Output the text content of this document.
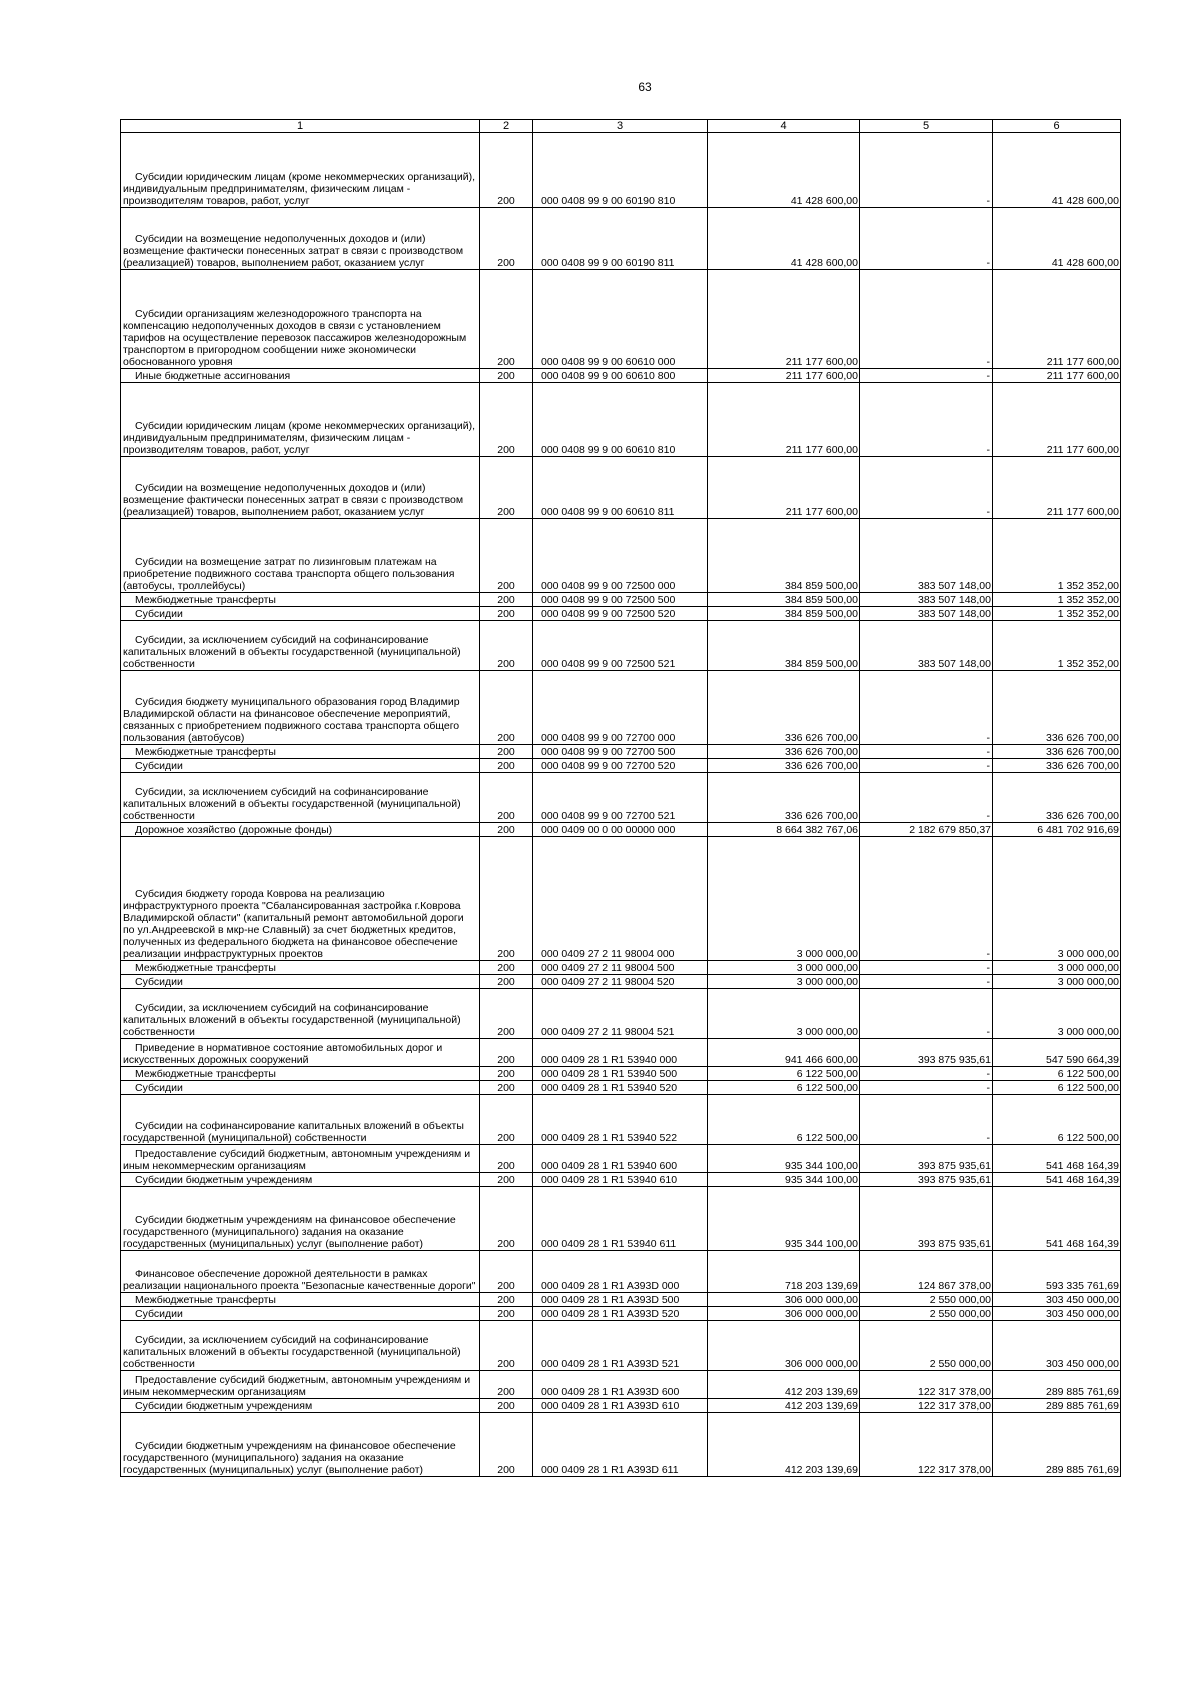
63
1	2	3	4	5	6
Субсидии юридическим лицам (кроме некоммерческих организаций), индивидуальным предпринимателям, физическим лицам - производителям товаров, работ, услуг	200	000 0408 99 9 00 60190 810	41 428 600,00	-	41 428 600,00
Субсидии на возмещение недополученных доходов и (или) возмещение фактически понесенных затрат в связи с производством (реализацией) товаров, выполнением работ, оказанием услуг	200	000 0408 99 9 00 60190 811	41 428 600,00	-	41 428 600,00
Субсидии организациям железнодорожного транспорта на компенсацию недополученных доходов в связи с установлением тарифов на осуществление перевозок пассажиров железнодорожным транспортом в пригородном сообщении ниже экономически обоснованного уровня	200	000 0408 99 9 00 60610 000	211 177 600,00	-	211 177 600,00
Иные бюджетные ассигнования	200	000 0408 99 9 00 60610 800	211 177 600,00	-	211 177 600,00
Субсидии юридическим лицам (кроме некоммерческих организаций), индивидуальным предпринимателям, физическим лицам - производителям товаров, работ, услуг	200	000 0408 99 9 00 60610 810	211 177 600,00	-	211 177 600,00
Субсидии на возмещение недополученных доходов и (или) возмещение фактически понесенных затрат в связи с производством (реализацией) товаров, выполнением работ, оказанием услуг	200	000 0408 99 9 00 60610 811	211 177 600,00	-	211 177 600,00
Субсидии на возмещение затрат по лизинговым платежам на приобретение подвижного состава транспорта общего пользования (автобусы, троллейбусы)	200	000 0408 99 9 00 72500 000	384 859 500,00	383 507 148,00	1 352 352,00
Межбюджетные трансферты	200	000 0408 99 9 00 72500 500	384 859 500,00	383 507 148,00	1 352 352,00
Субсидии	200	000 0408 99 9 00 72500 520	384 859 500,00	383 507 148,00	1 352 352,00
Субсидии, за исключением субсидий на софинансирование капитальных вложений в объекты государственной (муниципальной) собственности	200	000 0408 99 9 00 72500 521	384 859 500,00	383 507 148,00	1 352 352,00
Субсидия бюджету муниципального образования город Владимир Владимирской области на финансовое обеспечение мероприятий, связанных с приобретением подвижного состава транспорта общего пользования (автобусов)	200	000 0408 99 9 00 72700 000	336 626 700,00	-	336 626 700,00
Межбюджетные трансферты	200	000 0408 99 9 00 72700 500	336 626 700,00	-	336 626 700,00
Субсидии	200	000 0408 99 9 00 72700 520	336 626 700,00	-	336 626 700,00
Субсидии, за исключением субсидий на софинансирование капитальных вложений в объекты государственной (муниципальной) собственности	200	000 0408 99 9 00 72700 521	336 626 700,00	-	336 626 700,00
Дорожное хозяйство (дорожные фонды)	200	000 0409 00 0 00 00000 000	8 664 382 767,06	2 182 679 850,37	6 481 702 916,69
Субсидия бюджету города Коврова на реализацию инфраструктурного проекта "Сбалансированная застройка г.Коврова Владимирской области" (капитальный ремонт автомобильной дороги по ул.Андреевской в мкр-не Славный) за счет бюджетных кредитов, полученных из федерального бюджета на финансовое обеспечение реализации инфраструктурных проектов	200	000 0409 27 2 11 98004 000	3 000 000,00	-	3 000 000,00
Межбюджетные трансферты	200	000 0409 27 2 11 98004 500	3 000 000,00	-	3 000 000,00
Субсидии	200	000 0409 27 2 11 98004 520	3 000 000,00	-	3 000 000,00
Субсидии, за исключением субсидий на софинансирование капитальных вложений в объекты государственной (муниципальной) собственности	200	000 0409 27 2 11 98004 521	3 000 000,00	-	3 000 000,00
Приведение в нормативное состояние автомобильных дорог и искусственных дорожных сооружений	200	000 0409 28 1 R1 53940 000	941 466 600,00	393 875 935,61	547 590 664,39
Межбюджетные трансферты	200	000 0409 28 1 R1 53940 500	6 122 500,00	-	6 122 500,00
Субсидии	200	000 0409 28 1 R1 53940 520	6 122 500,00	-	6 122 500,00
Субсидии на софинансирование капитальных вложений в объекты государственной (муниципальной) собственности	200	000 0409 28 1 R1 53940 522	6 122 500,00	-	6 122 500,00
Предоставление субсидий бюджетным, автономным учреждениям и иным некоммерческим организациям	200	000 0409 28 1 R1 53940 600	935 344 100,00	393 875 935,61	541 468 164,39
Субсидии бюджетным учреждениям	200	000 0409 28 1 R1 53940 610	935 344 100,00	393 875 935,61	541 468 164,39
Субсидии бюджетным учреждениям на финансовое обеспечение государственного (муниципального) задания на оказание государственных (муниципальных) услуг (выполнение работ)	200	000 0409 28 1 R1 53940 611	935 344 100,00	393 875 935,61	541 468 164,39
Финансовое обеспечение дорожной деятельности в рамках реализации национального проекта "Безопасные качественные дороги"	200	000 0409 28 1 R1 A393D 000	718 203 139,69	124 867 378,00	593 335 761,69
Межбюджетные трансферты	200	000 0409 28 1 R1 A393D 500	306 000 000,00	2 550 000,00	303 450 000,00
Субсидии	200	000 0409 28 1 R1 A393D 520	306 000 000,00	2 550 000,00	303 450 000,00
Субсидии, за исключением субсидий на софинансирование капитальных вложений в объекты государственной (муниципальной) собственности	200	000 0409 28 1 R1 A393D 521	306 000 000,00	2 550 000,00	303 450 000,00
Предоставление субсидий бюджетным, автономным учреждениям и иным некоммерческим организациям	200	000 0409 28 1 R1 A393D 600	412 203 139,69	122 317 378,00	289 885 761,69
Субсидии бюджетным учреждениям	200	000 0409 28 1 R1 A393D 610	412 203 139,69	122 317 378,00	289 885 761,69
Субсидии бюджетным учреждениям на финансовое обеспечение государственного (муниципального) задания на оказание государственных (муниципальных) услуг (выполнение работ)	200	000 0409 28 1 R1 A393D 611	412 203 139,69	122 317 378,00	289 885 761,69
